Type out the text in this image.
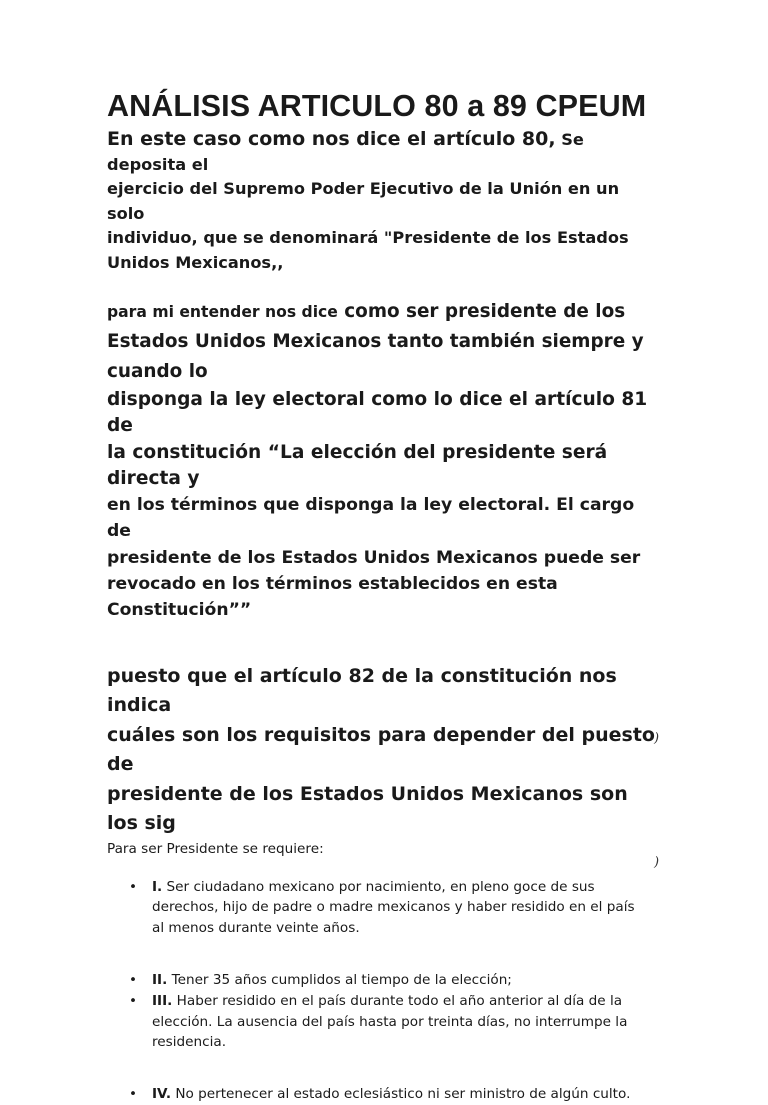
ANÁLISIS ARTICULO 80 a 89 CPEUM

En este caso como nos dice el artículo 80, Se deposita el
ejercicio del Supremo Poder Ejecutivo de la Unión en un solo
individuo, que se denominará "Presidente de los Estados
Unidos Mexicanos,,

para mi entender nos dice como ser presidente de los
Estados Unidos Mexicanos tanto también siempre y
cuando lo

disponga la ley electoral como lo dice el artículo 81 de
la constitución “La elección del presidente será directa y
en los términos que disponga la ley electoral. El cargo de
presidente de los Estados Unidos Mexicanos puede ser
revocado en los términos establecidos en esta
Constitución””

puesto que el artículo 82 de la constitución nos indica
cuáles son los requisitos para depender del puesto de
presidente de los Estados Unidos Mexicanos son los sig

Para ser Presidente se requiere:

• I. Ser ciudadano mexicano por nacimiento, en pleno goce de sus
derechos, hijo de padre o madre mexicanos y haber residido en el país
al menos durante veinte años.
• II. Tener 35 años cumplidos al tiempo de la elección;
• III. Haber residido en el país durante todo el año anterior al día de la
elección. La ausencia del país hasta por treinta días, no interrumpe la
residencia.
• IV. No pertenecer al estado eclesiástico ni ser ministro de algún culto.
)
)
